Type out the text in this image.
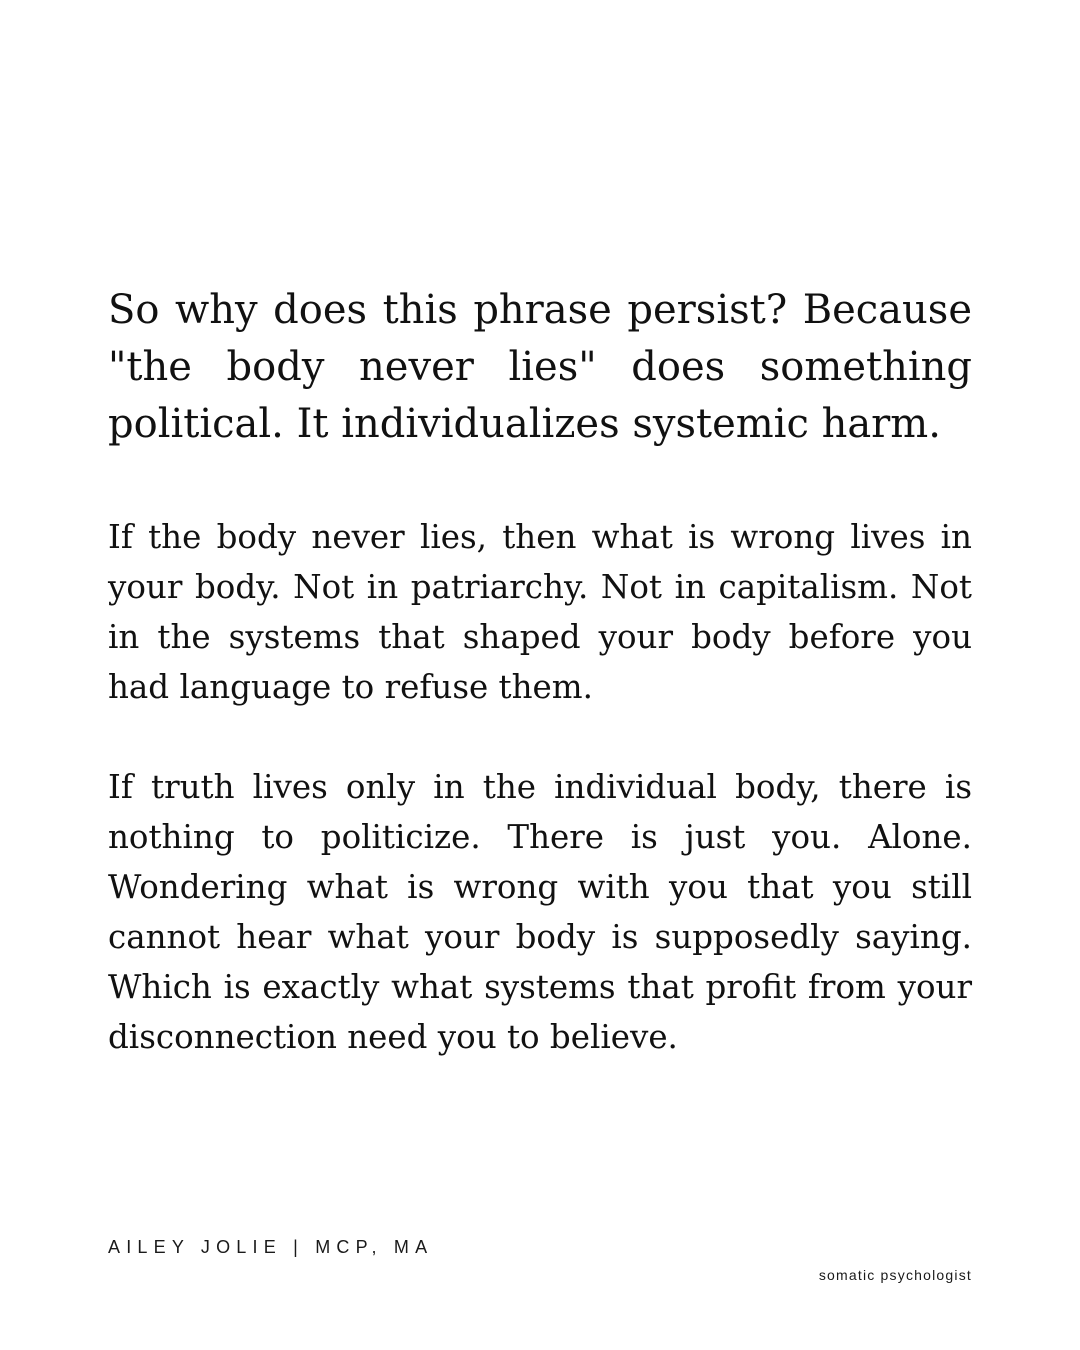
So why does this phrase persist? Because "the body never lies" does something political. It individualizes systemic harm.

If the body never lies, then what is wrong lives in your body. Not in patriarchy. Not in capitalism. Not in the systems that shaped your body before you had language to refuse them.

If truth lives only in the individual body, there is nothing to politicize. There is just you. Alone. Wondering what is wrong with you that you still cannot hear what your body is supposedly saying. Which is exactly what systems that profit from your disconnection need you to believe.

AILEY JOLIE | MCP, MA
somatic psychologist
